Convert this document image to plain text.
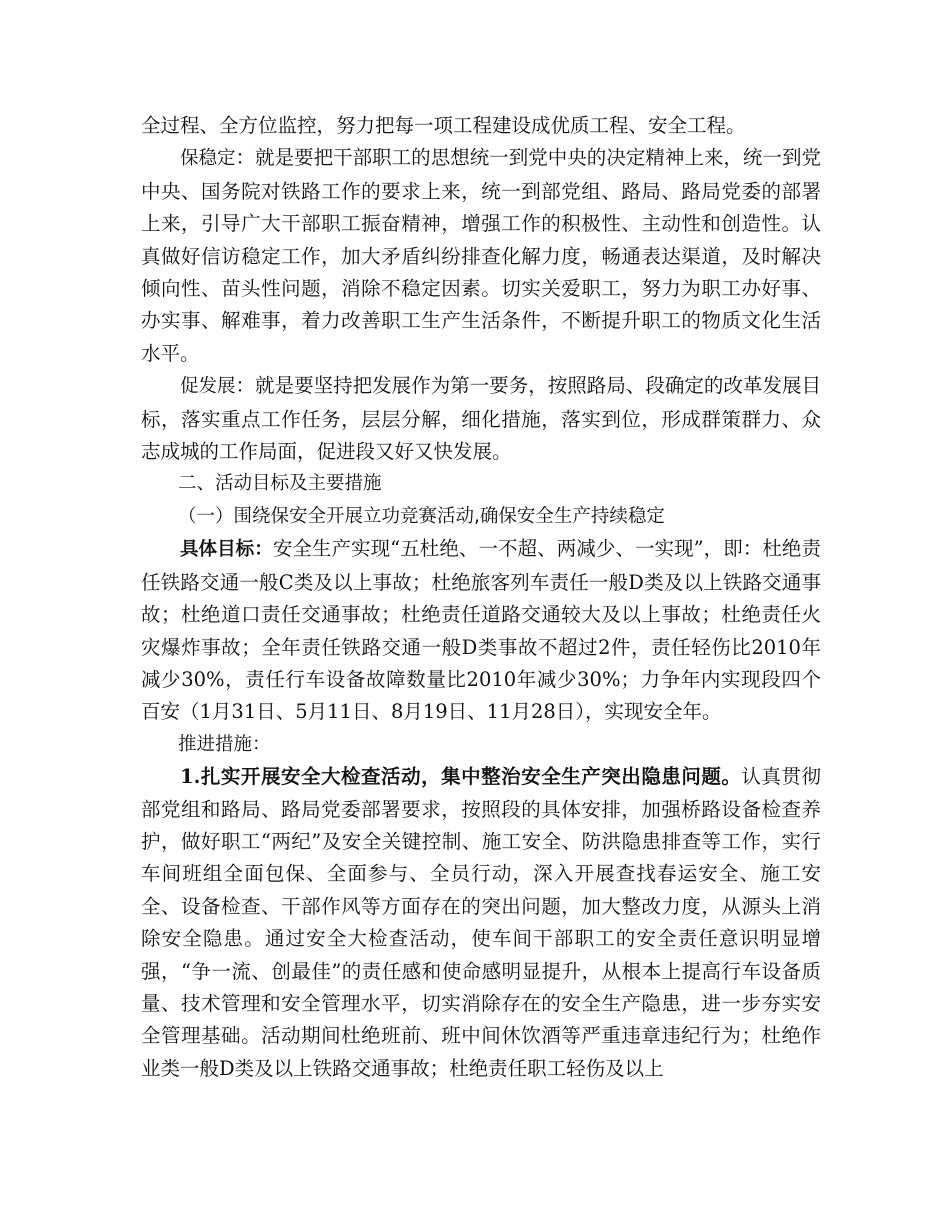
全过程、全方位监控，努力把每一项工程建设成优质工程、安全工程。

保稳定：就是要把干部职工的思想统一到党中央的决定精神上来，统一到党中央、国务院对铁路工作的要求上来，统一到部党组、路局、路局党委的部署上来，引导广大干部职工振奋精神，增强工作的积极性、主动性和创造性。认真做好信访稳定工作，加大矛盾纠纷排查化解力度，畅通表达渠道，及时解决倾向性、苗头性问题，消除不稳定因素。切实关爱职工，努力为职工办好事、办实事、解难事，着力改善职工生产生活条件，不断提升职工的物质文化生活水平。

促发展：就是要坚持把发展作为第一要务，按照路局、段确定的改革发展目标，落实重点工作任务，层层分解，细化措施，落实到位，形成群策群力、众志成城的工作局面，促进段又好又快发展。

二、活动目标及主要措施

（一）围绕保安全开展立功竞赛活动,确保安全生产持续稳定

具体目标：安全生产实现“五杜绝、一不超、两减少、一实现”，即：杜绝责任铁路交通一般C类及以上事故；杜绝旅客列车责任一般D类及以上铁路交通事故；杜绝道口责任交通事故；杜绝责任道路交通较大及以上事故；杜绝责任火灾爆炸事故；全年责任铁路交通一般D类事故不超过2件，责任轻伤比2010年减少30%，责任行车设备故障数量比2010年减少30%；力争年内实现段四个百安（1月31日、5月11日、8月19日、11月28日），实现安全年。

推进措施：

1.扎实开展安全大检查活动，集中整治安全生产突出隐患问题。认真贯彻部党组和路局、路局党委部署要求，按照段的具体安排，加强桥路设备检查养护，做好职工“两纪”及安全关键控制、施工安全、防洪隐患排查等工作，实行车间班组全面包保、全面参与、全员行动，深入开展查找春运安全、施工安全、设备检查、干部作风等方面存在的突出问题，加大整改力度，从源头上消除安全隐患。通过安全大检查活动，使车间干部职工的安全责任意识明显增强，“争一流、创最佳”的责任感和使命感明显提升，从根本上提高行车设备质量、技术管理和安全管理水平，切实消除存在的安全生产隐患，进一步夯实安全管理基础。活动期间杜绝班前、班中间休饮酒等严重违章违纪行为；杜绝作业类一般D类及以上铁路交通事故；杜绝责任职工轻伤及以上
